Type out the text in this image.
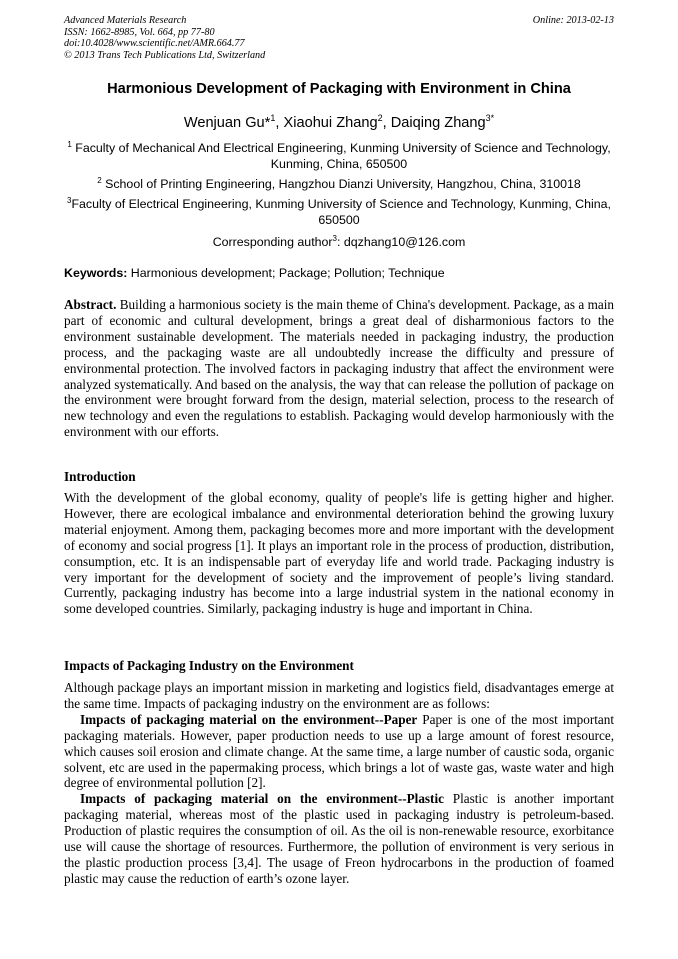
Advanced Materials Research
ISSN: 1662-8985, Vol. 664, pp 77-80
doi:10.4028/www.scientific.net/AMR.664.77
© 2013 Trans Tech Publications Ltd, Switzerland
Online: 2013-02-13
Harmonious Development of Packaging with Environment in China
Wenjuan Gu*$^1$, Xiaohui Zhang$^2$, Daiqing Zhang$^{3*}$
$^1$ Faculty of Mechanical And Electrical Engineering, Kunming University of Science and Technology,
Kunming, China, 650500
$^2$ School of Printing Engineering, Hangzhou Dianzi University, Hangzhou, China, 310018
$^3$Faculty of Electrical Engineering, Kunming University of Science and Technology, Kunming, China,
650500
Corresponding author$^3$: dqzhang10@126.com
Keywords: Harmonious development; Package; Pollution; Technique

Abstract. Building a harmonious society is the main theme of China's development. Package, as a main part of economic and cultural development, brings a great deal of disharmonious factors to the environment sustainable development. The materials needed in packaging industry, the production process, and the packaging waste are all undoubtedly increase the difficulty and pressure of environmental protection. The involved factors in packaging industry that affect the environment were analyzed systematically. And based on the analysis, the way that can release the pollution of package on the environment were brought forward from the design, material selection, process to the research of new technology and even the regulations to establish. Packaging would develop harmoniously with the environment with our efforts.

Introduction

With the development of the global economy, quality of people's life is getting higher and higher. However, there are ecological imbalance and environmental deterioration behind the growing luxury material enjoyment. Among them, packaging becomes more and more important with the development of economy and social progress [1]. It plays an important role in the process of production, distribution, consumption, etc. It is an indispensable part of everyday life and world trade. Packaging industry is very important for the development of society and the improvement of people’s living standard. Currently, packaging industry has become into a large industrial system in the national economy in some developed countries. Similarly, packaging industry is huge and important in China.

Impacts of Packaging Industry on the Environment

Although package plays an important mission in marketing and logistics field, disadvantages emerge at the same time. Impacts of packaging industry on the environment are as follows:

Impacts of packaging material on the environment--Paper Paper is one of the most important packaging materials. However, paper production needs to use up a large amount of forest resource, which causes soil erosion and climate change. At the same time, a large number of caustic soda, organic solvent, etc are used in the papermaking process, which brings a lot of waste gas, waste water and high degree of environmental pollution [2].

Impacts of packaging material on the environment--Plastic Plastic is another important packaging material, whereas most of the plastic used in packaging industry is petroleum-based. Production of plastic requires the consumption of oil. As the oil is non-renewable resource, exorbitance use will cause the shortage of resources. Furthermore, the pollution of environment is very serious in the plastic production process [3,4]. The usage of Freon hydrocarbons in the production of foamed plastic may cause the reduction of earth’s ozone layer.
